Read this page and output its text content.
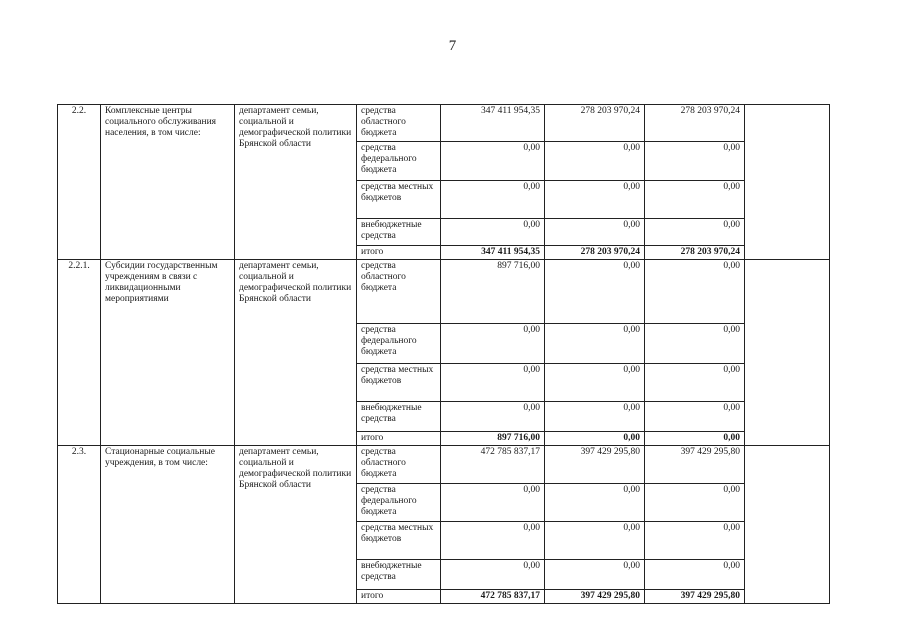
7
2.2.	Комплексные центры социального обслуживания населения, в том числе:	департамент семьи, социальной и демографической политики Брянской области	средства областного бюджета	347 411 954,35	278 203 970,24	278 203 970,24	
			средства федерального бюджета	0,00	0,00	0,00	
			средства местных бюджетов	0,00	0,00	0,00	
			внебюджетные средства	0,00	0,00	0,00	
			итого	347 411 954,35	278 203 970,24	278 203 970,24	
2.2.1.	Субсидии государственным учреждениям в связи с ликвидационными мероприятиями	департамент семьи, социальной и демографической политики Брянской области	средства областного бюджета	897 716,00	0,00	0,00	
			средства федерального бюджета	0,00	0,00	0,00	
			средства местных бюджетов	0,00	0,00	0,00	
			внебюджетные средства	0,00	0,00	0,00	
			итого	897 716,00	0,00	0,00	
2.3.	Стационарные социальные учреждения, в том числе:	департамент семьи, социальной и демографической политики Брянской области	средства областного бюджета	472 785 837,17	397 429 295,80	397 429 295,80	
			средства федерального бюджета	0,00	0,00	0,00	
			средства местных бюджетов	0,00	0,00	0,00	
			внебюджетные средства	0,00	0,00	0,00	
			итого	472 785 837,17	397 429 295,80	397 429 295,80	
